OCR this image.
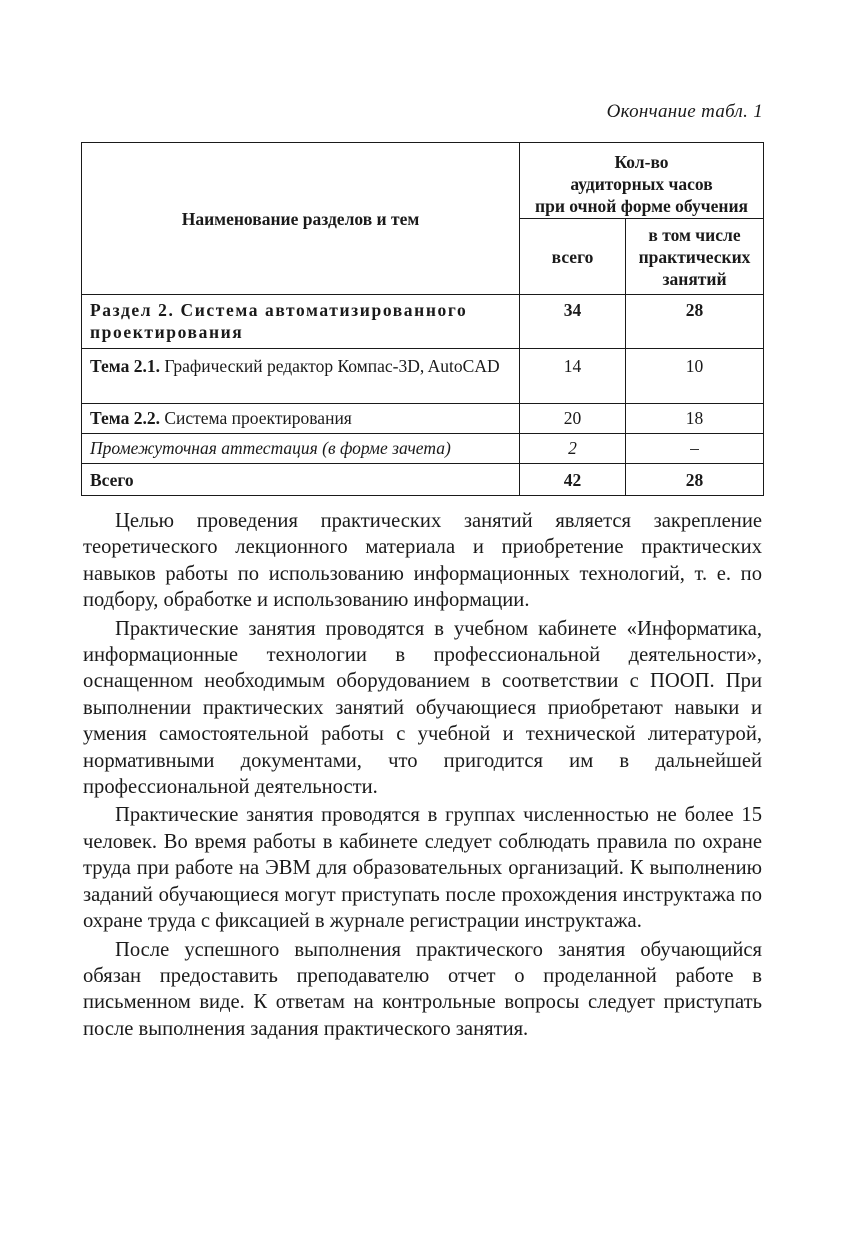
Окончание табл. 1
Наименование разделов и тем	Кол-во
аудиторных часов
при очной форме обучения	
	всего	в том числе
практических
занятий
Раздел 2. Система автоматизированного проектирования	34	28
Тема 2.1. Графический редактор Компас-3D, AutoCAD	14	10
Тема 2.2. Система проектирования	20	18
Промежуточная аттестация (в форме зачета)	2	–
Всего	42	28

Целью проведения практических занятий является закрепление теоретического лекционного материала и приобретение практических навыков работы по использованию информационных технологий, т. е. по подбору, обработке и использованию информации.

Практические занятия проводятся в учебном кабинете «Информатика, информационные технологии в профессиональной деятельности», оснащенном необходимым оборудованием в соответствии с ПООП. При выполнении практических занятий обучающиеся приобретают навыки и умения самостоятельной работы с учебной и технической литературой, нормативными документами, что пригодится им в дальнейшей профессиональной деятельности.

Практические занятия проводятся в группах численностью не более 15 человек. Во время работы в кабинете следует соблюдать правила по охране труда при работе на ЭВМ для образовательных организаций. К выполнению заданий обучающиеся могут приступать после прохождения инструктажа по охране труда с фиксацией в журнале регистрации инструктажа.

После успешного выполнения практического занятия обучающийся обязан предоставить преподавателю отчет о проделанной работе в письменном виде. К ответам на контрольные вопросы следует приступать после выполнения задания практического занятия.
